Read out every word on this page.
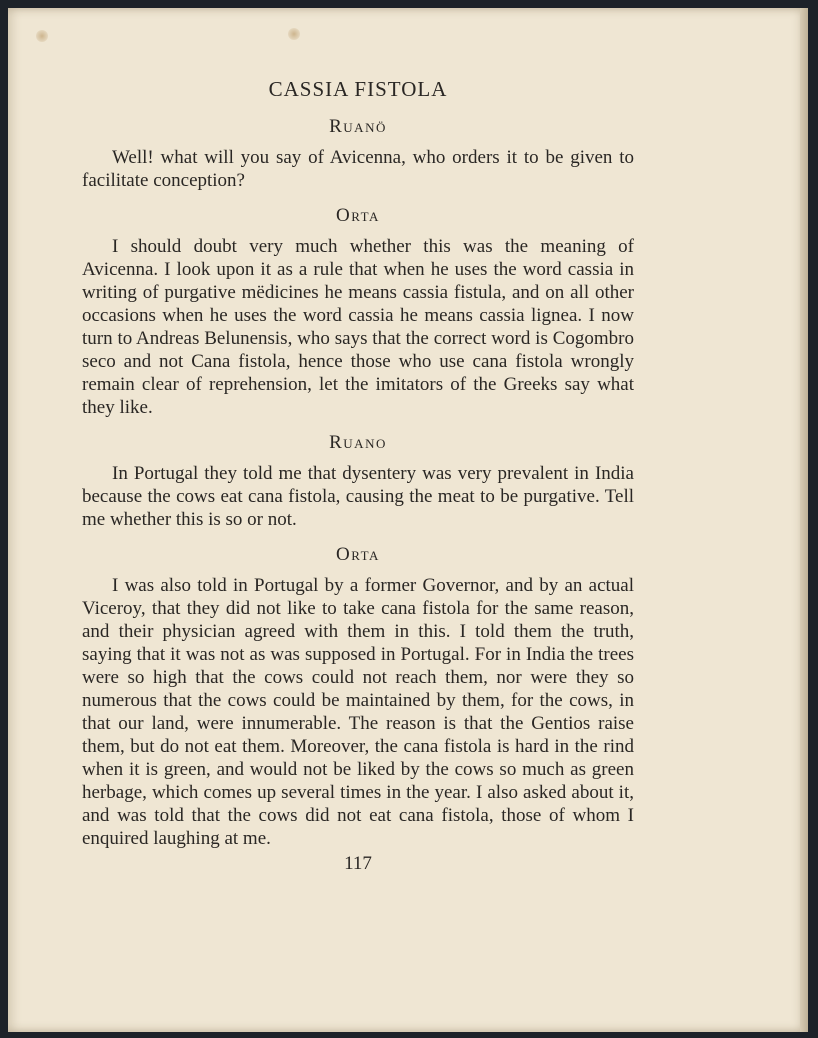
CASSIA FISTOLA
Ruanö

Well! what will you say of Avicenna, who orders it to be given to facilitate conception?

Orta

I should doubt very much whether this was the meaning of Avicenna. I look upon it as a rule that when he uses the word cassia in writing of purgative mëdicines he means cassia fistula, and on all other occasions when he uses the word cassia he means cassia lignea. I now turn to Andreas Belunensis, who says that the correct word is Cogombro seco and not Cana fistola, hence those who use cana fistola wrongly remain clear of reprehension, let the imitators of the Greeks say what they like.

Ruano

In Portugal they told me that dysentery was very prevalent in India because the cows eat cana fistola, causing the meat to be purgative. Tell me whether this is so or not.

Orta

I was also told in Portugal by a former Governor, and by an actual Viceroy, that they did not like to take cana fistola for the same reason, and their physician agreed with them in this. I told them the truth, saying that it was not as was supposed in Portugal. For in India the trees were so high that the cows could not reach them, nor were they so numerous that the cows could be maintained by them, for the cows, in that our land, were innumerable. The reason is that the Gentios raise them, but do not eat them. Moreover, the cana fistola is hard in the rind when it is green, and would not be liked by the cows so much as green herbage, which comes up several times in the year. I also asked about it, and was told that the cows did not eat cana fistola, those of whom I enquired laughing at me.

117
